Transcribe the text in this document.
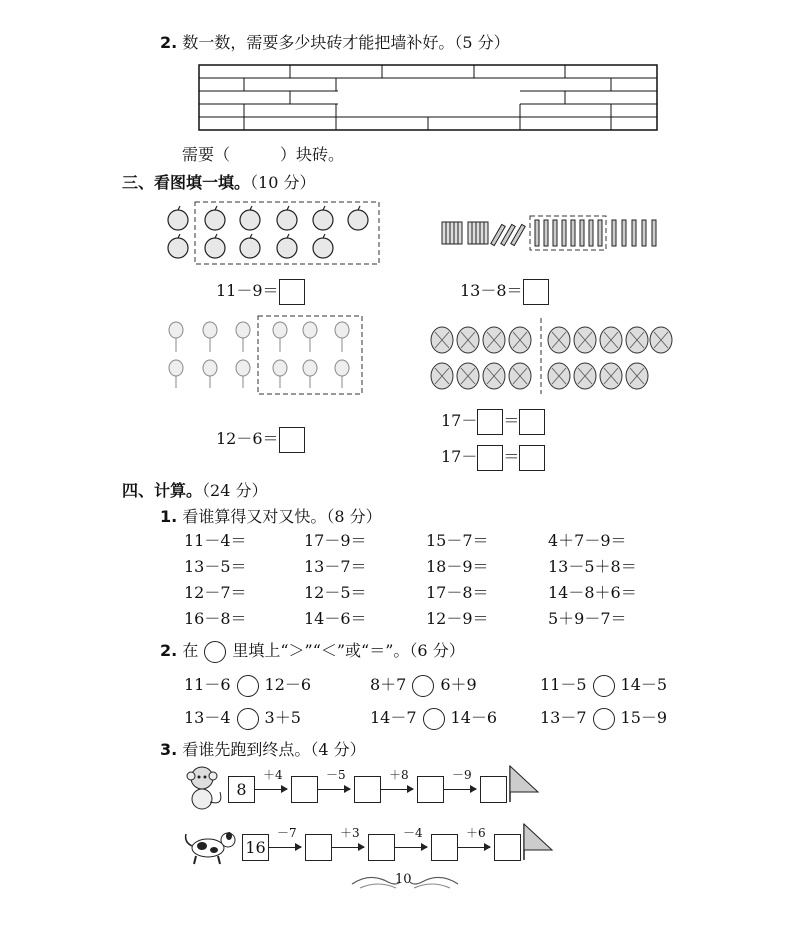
2. 数一数，需要多少块砖才能把墙补好。（5 分）
需要（	）块砖。
三、看图填一填。（10 分）
11－9＝	13－8＝
12－6＝
17－ ＝
17－ ＝
四、计算。（24 分）
1. 看谁算得又对又快。（8 分）
11－4＝	17－9＝	15－7＝	4＋7－9＝
13－5＝	13－7＝	18－9＝	13－5＋8＝
12－7＝	12－5＝	17－8＝	14－8＋6＝
16－8＝	14－6＝	12－9＝	5＋9－7＝
2. 在 里填上“＞”“＜”或“＝”。（6 分）
11－6 12－6	8＋7 6＋9	11－5 14－5
13－4 3＋5	14－7 14－6	13－7 15－9
3. 看谁先跑到终点。（4 分）
8
＋4	－5	＋8	－9
16
－7	＋3	－4	＋6
10
